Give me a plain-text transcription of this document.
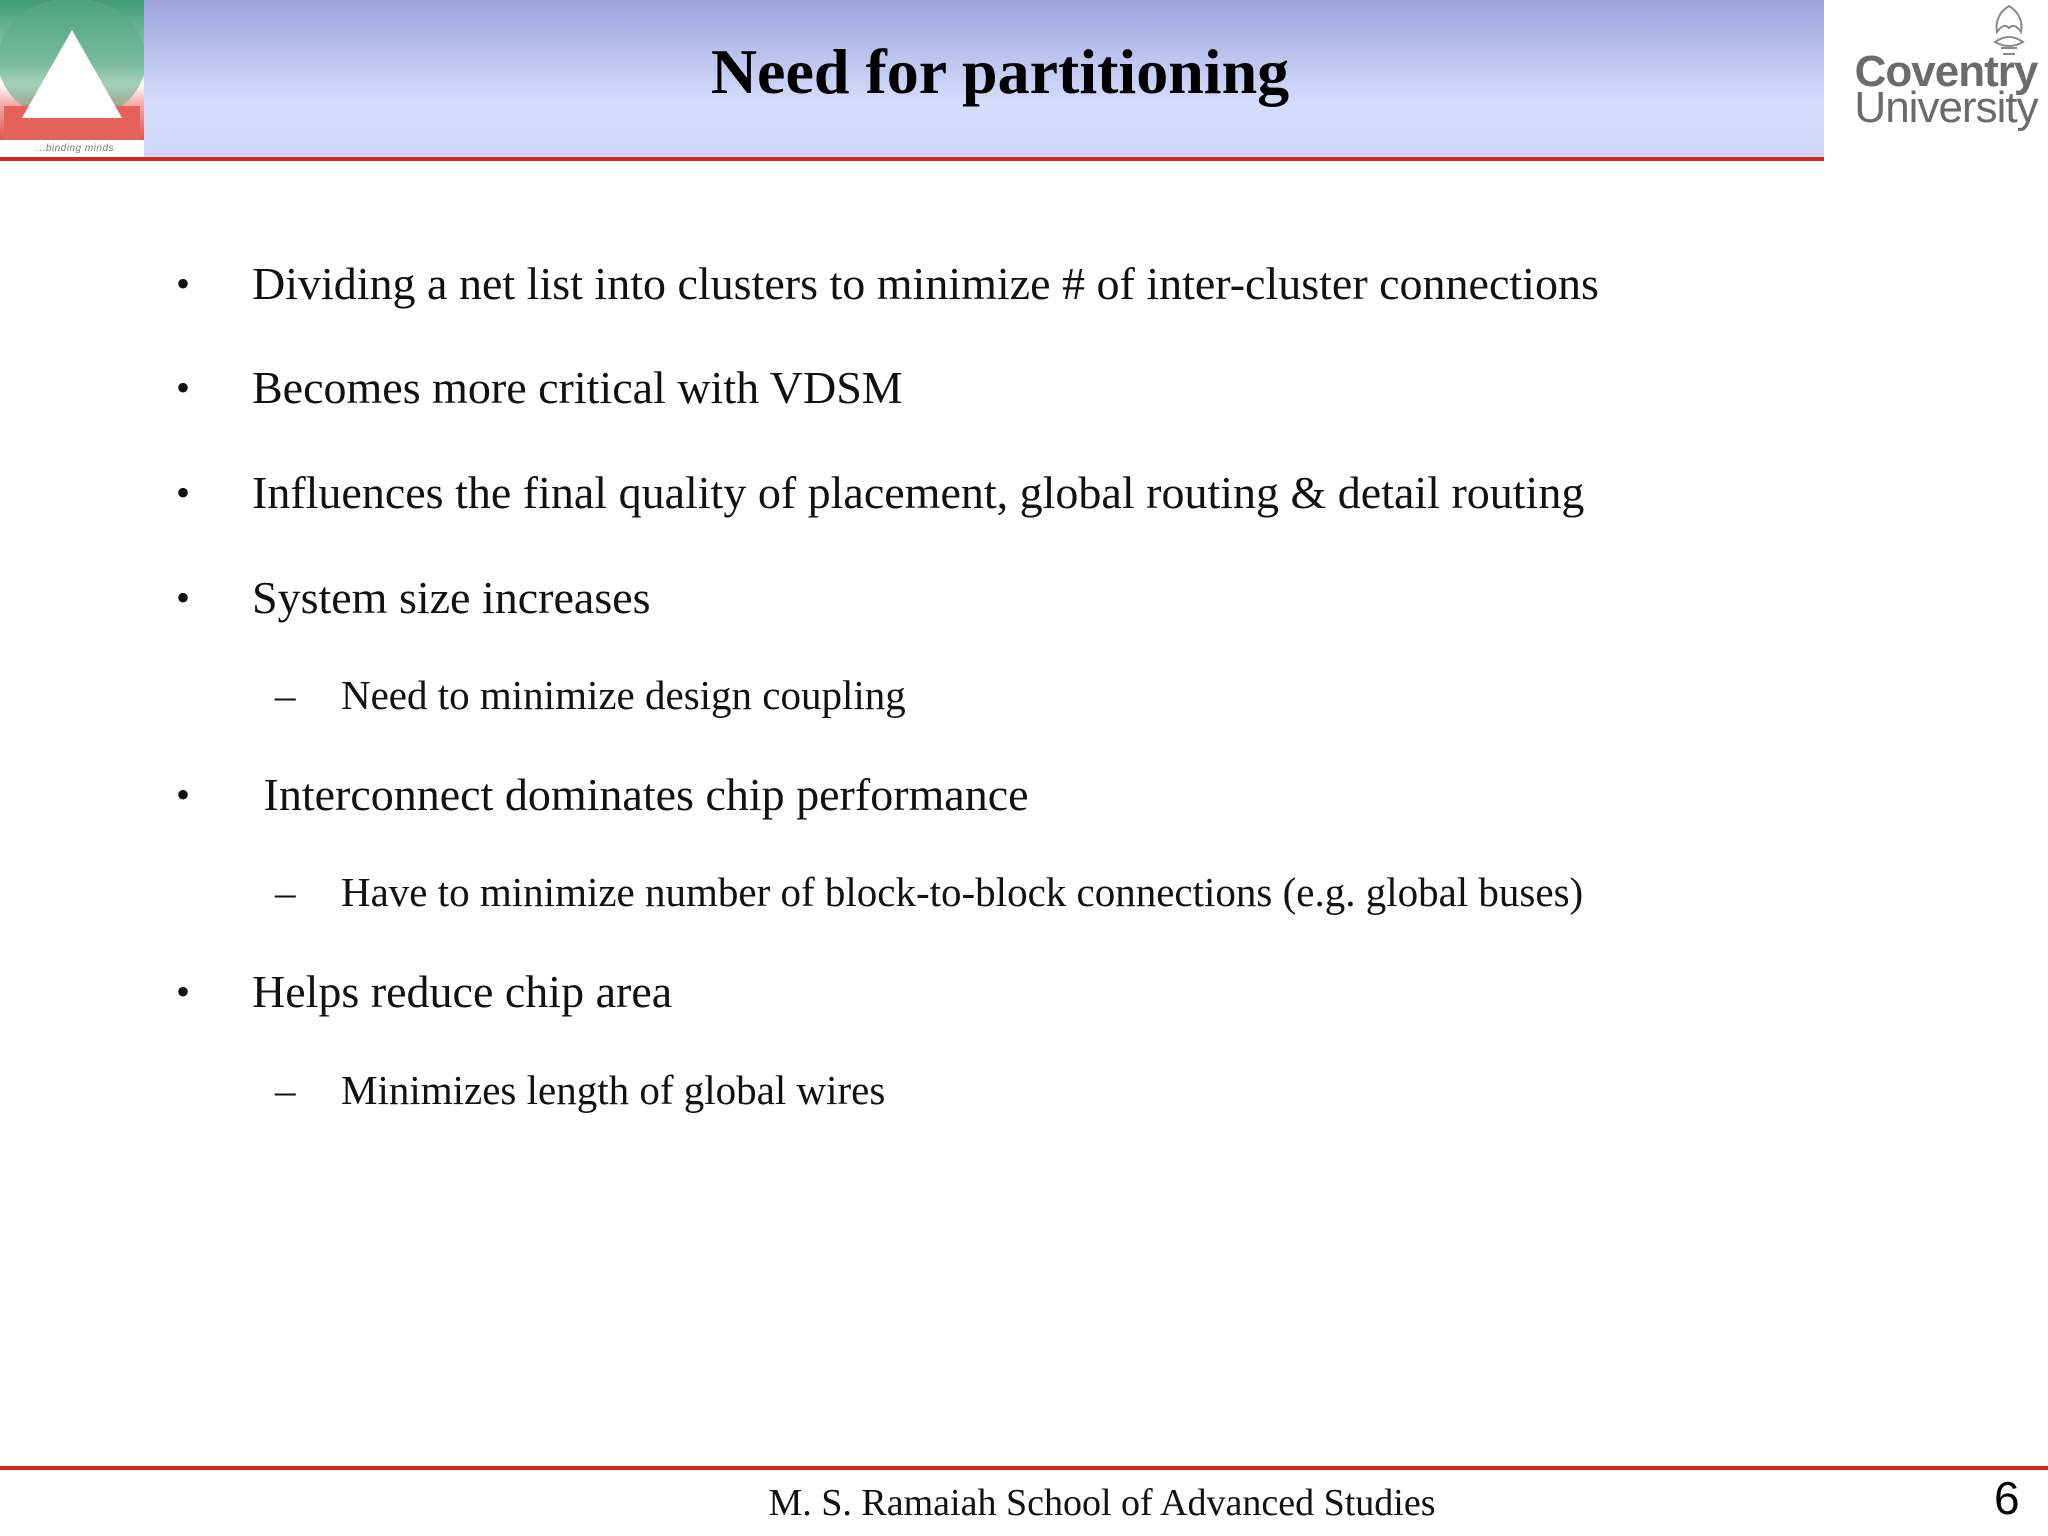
...binding minds
Coventry
University
Need for partitioning
• Dividing a net list into clusters to minimize # of inter-cluster connections
• Becomes more critical with VDSM
• Influences the final quality of placement, global routing & detail routing
• System size increases
– Need to minimize design coupling
• Interconnect dominates chip performance
– Have to minimize number of block-to-block connections (e.g. global buses)
• Helps reduce chip area
– Minimizes length of global wires
M. S. Ramaiah School of Advanced Studies	6
